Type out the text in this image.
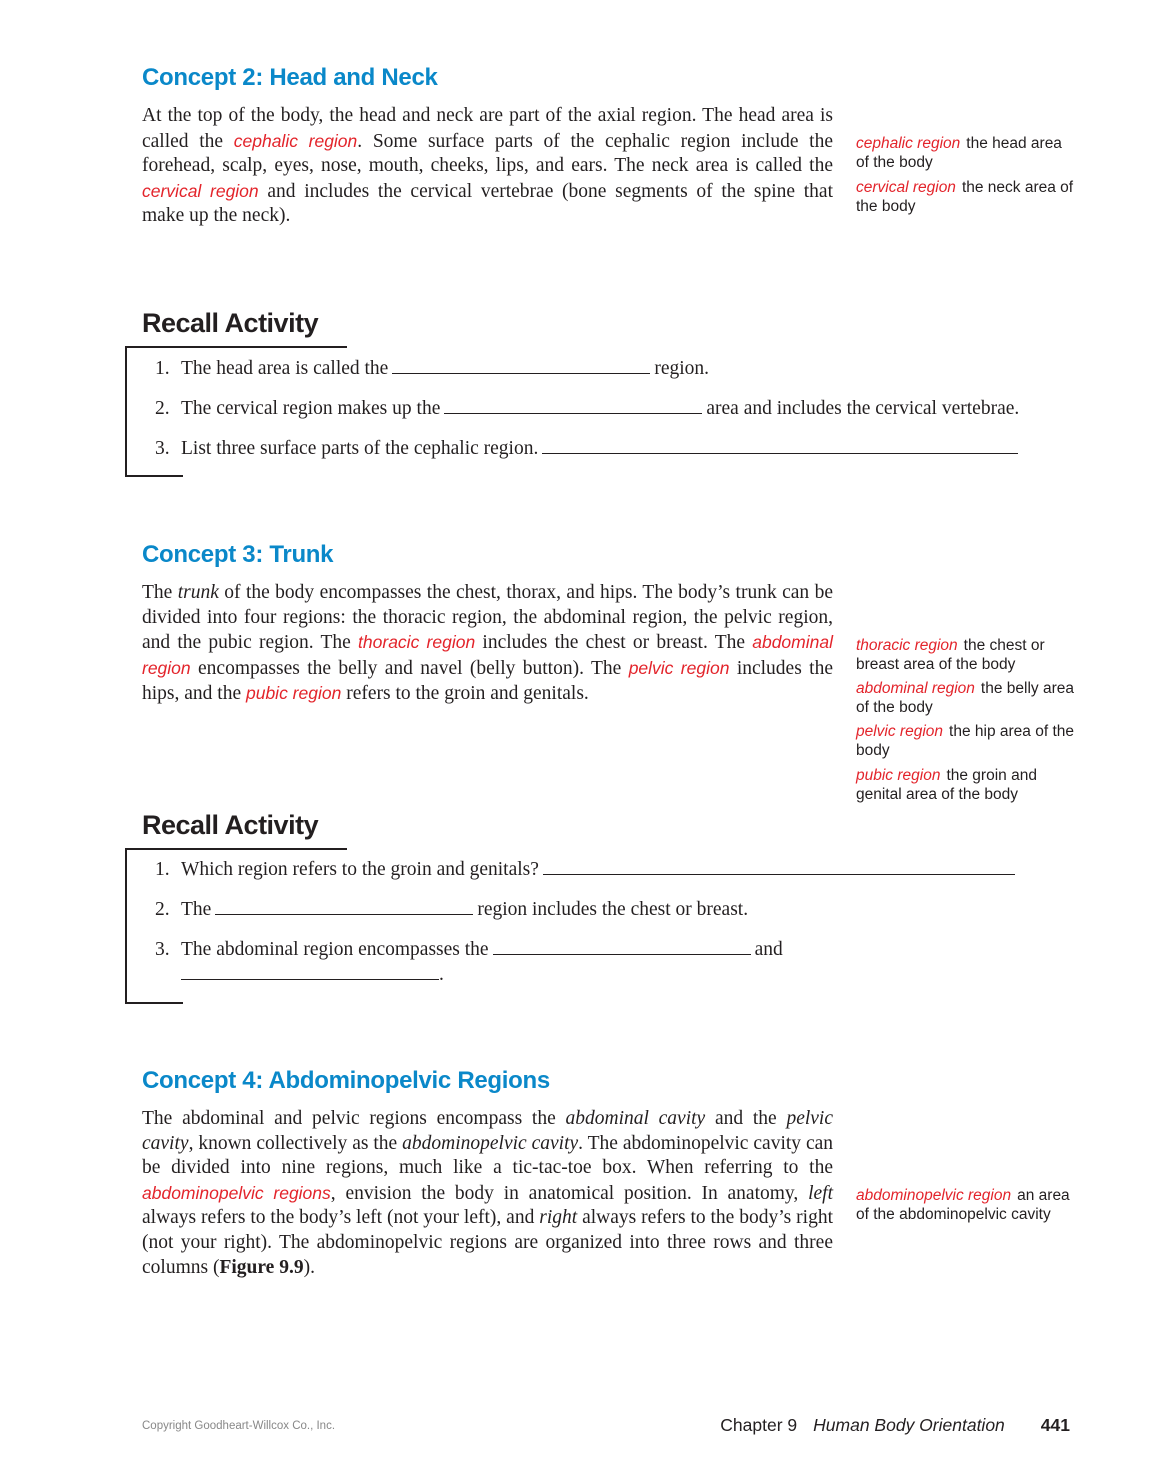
Concept 2: Head and Neck
At the top of the body, the head and neck are part of the axial region. The head area is called the cephalic region. Some surface parts of the cephalic region include the forehead, scalp, eyes, nose, mouth, cheeks, lips, and ears. The neck area is called the cervical region and includes the cervical vertebrae (bone segments of the spine that make up the neck).
cephalic region the head area of the body
cervical region the neck area of the body
Recall Activity
1. The head area is called the	region.
2. The cervical region makes up the	area and includes the cervical vertebrae.
3. List three surface parts of the cephalic region.
Concept 3: Trunk
The trunk of the body encompasses the chest, thorax, and hips. The body’s trunk can be divided into four regions: the thoracic region, the abdominal region, the pelvic region, and the pubic region. The thoracic region includes the chest or breast. The abdominal region encompasses the belly and navel (belly button). The pelvic region includes the hips, and the pubic region refers to the groin and genitals.
thoracic region the chest or breast area of the body
abdominal region the belly area of the body
pelvic region the hip area of the body
pubic region the groin and genital area of the body
Recall Activity
1. Which region refers to the groin and genitals?
2. The	region includes the chest or breast.
3. The abdominal region encompasses the	and
.
Concept 4: Abdominopelvic Regions
The abdominal and pelvic regions encompass the abdominal cavity and the pelvic cavity, known collectively as the abdominopelvic cavity. The abdominopelvic cavity can be divided into nine regions, much like a tic-tac-toe box. When referring to the abdominopelvic regions, envision the body in anatomical position. In anatomy, left always refers to the body’s left (not your left), and right always refers to the body’s right (not your right). The abdominopelvic regions are organized into three rows and three columns (Figure 9.9).
abdominopelvic region an area of the abdominopelvic cavity
Copyright Goodheart-Willcox Co., Inc.	Chapter 9 Human Body Orientation 441
